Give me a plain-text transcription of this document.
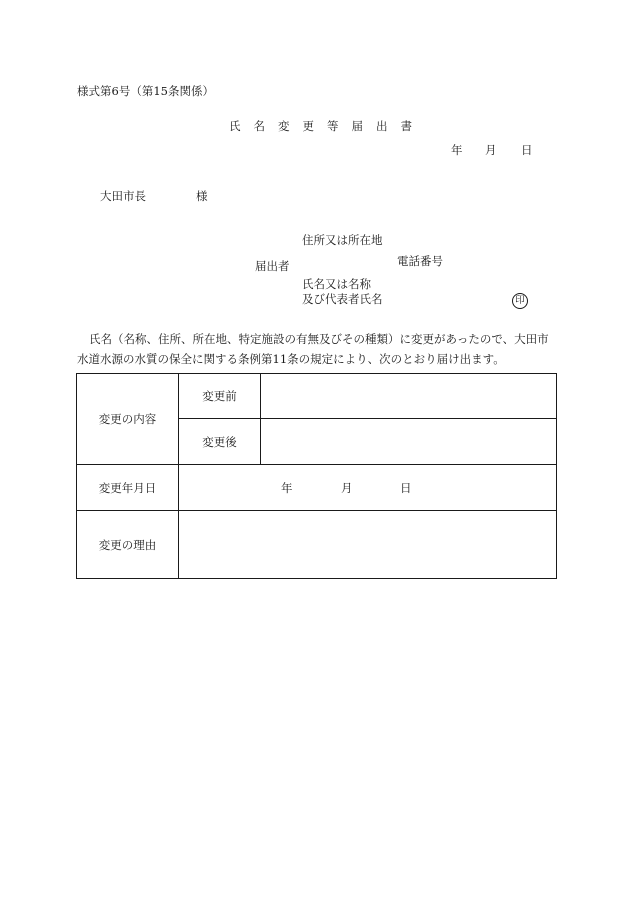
様式第6号（第15条関係）
氏 名 変 更 等 届 出 書
年 月 日
大田市長	様
住所又は所在地
電話番号
届出者
氏名又は名称
及び代表者氏名	印
氏名（名称、住所、所在地、特定施設の有無及びその種類）に変更があったので、大田市
水道水源の水質の保全に関する条例第11条の規定により、次のとおり届け出ます。
変更の内容	変更前	
	変更後	
変更年月日	年 月 日	

変更の理由		
